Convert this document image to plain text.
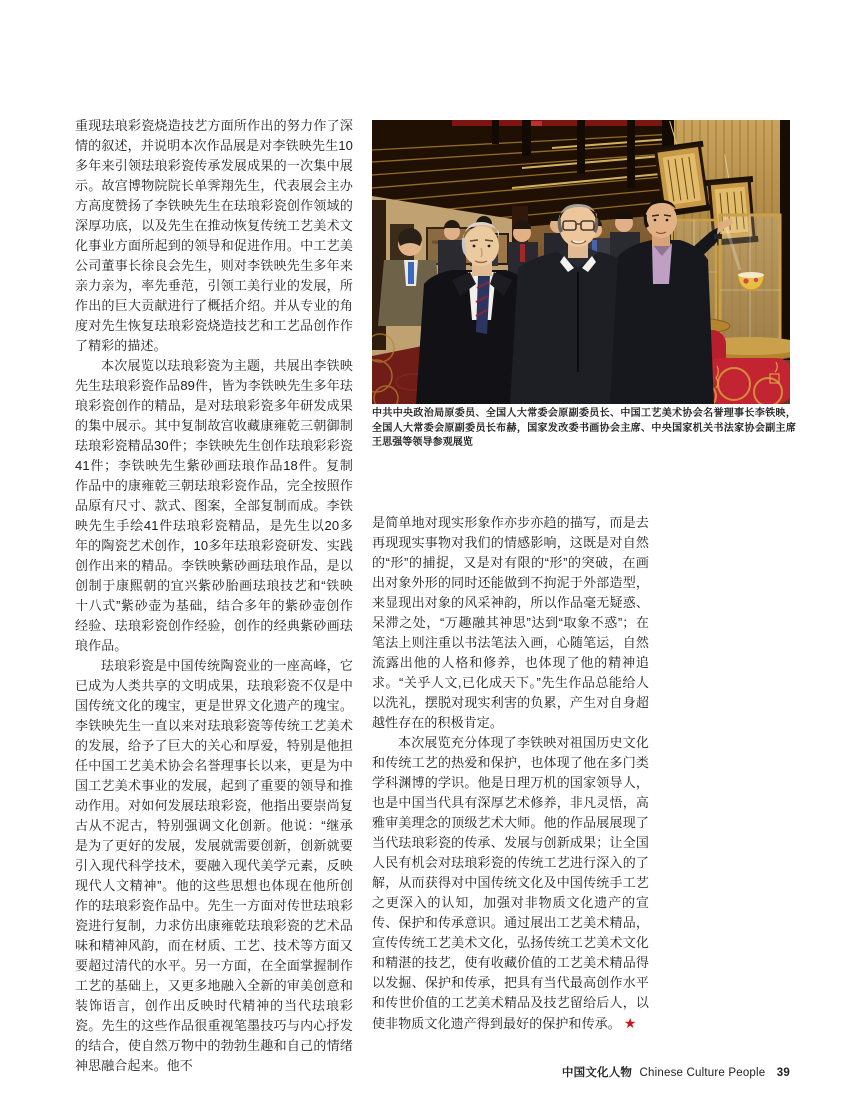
重现珐琅彩瓷烧造技艺方面所作出的努力作了深情的叙述，并说明本次作品展是对李铁映先生10多年来引领珐琅彩瓷传承发展成果的一次集中展示。故宫博物院院长单霁翔先生，代表展会主办方高度赞扬了李铁映先生在珐琅彩瓷创作领域的深厚功底，以及先生在推动恢复传统工艺美术文化事业方面所起到的领导和促进作用。中工艺美公司董事长徐良会先生，则对李铁映先生多年来亲力亲为，率先垂范，引领工美行业的发展，所作出的巨大贡献进行了概括介绍。并从专业的角度对先生恢复珐琅彩瓷烧造技艺和工艺品创作作了精彩的描述。

本次展览以珐琅彩瓷为主题，共展出李铁映先生珐琅彩瓷作品89件，皆为李铁映先生多年珐琅彩瓷创作的精品，是对珐琅彩瓷多年研发成果的集中展示。其中复制故宫收藏康雍乾三朝御制珐琅彩瓷精品30件；李铁映先生创作珐琅彩彩瓷41件；李铁映先生紫砂画珐琅作品18件。复制作品中的康雍乾三朝珐琅彩瓷作品，完全按照作品原有尺寸、款式、图案，全部复制而成。李铁映先生手绘41件珐琅彩瓷精品，是先生以20多年的陶瓷艺术创作，10多年珐琅彩瓷研发、实践创作出来的精品。李铁映紫砂画珐琅作品，是以创制于康熙朝的宜兴紫砂胎画珐琅技艺和“铁映十八式”紫砂壶为基础，结合多年的紫砂壶创作经验、珐琅彩瓷创作经验，创作的经典紫砂画珐琅作品。

珐琅彩瓷是中国传统陶瓷业的一座高峰，它已成为人类共享的文明成果，珐琅彩瓷不仅是中国传统文化的瑰宝，更是世界文化遗产的瑰宝。李铁映先生一直以来对珐琅彩瓷等传统工艺美术的发展，给予了巨大的关心和厚爱，特别是他担任中国工艺美术协会名誉理事长以来，更是为中国工艺美术事业的发展，起到了重要的领导和推动作用。对如何发展珐琅彩瓷，他指出要崇尚复古从不泥古，特别强调文化创新。他说：“继承是为了更好的发展，发展就需要创新，创新就要引入现代科学技术，要融入现代美学元素，反映现代人文精神”。他的这些思想也体现在他所创作的珐琅彩瓷作品中。先生一方面对传世珐琅彩瓷进行复制，力求仿出康雍乾珐琅彩瓷的艺术品味和精神风韵，而在材质、工艺、技术等方面又要超过清代的水平。另一方面，在全面掌握制作工艺的基础上，又更多地融入全新的审美创意和装饰语言，创作出反映时代精神的当代珐琅彩瓷。先生的这些作品很重视笔墨技巧与内心抒发的结合，使自然万物中的勃勃生趣和自己的情绪神思融合起来。他不

中共中央政治局原委员、全国人大常委会原副委员长、中国工艺美术协会名誉理事长李铁映，全国人大常委会原副委员长布赫，国家发改委书画协会主席、中央国家机关书法家协会副主席王思强等领导参观展览

是简单地对现实形象作亦步亦趋的描写，而是去再现现实事物对我们的情感影响，这既是对自然的“形”的捕捉，又是对有限的“形”的突破，在画出对象外形的同时还能做到不拘泥于外部造型，来显现出对象的风采神韵，所以作品毫无疑惑、呆滞之处，“万趣融其神思”达到“取象不惑”；在笔法上则注重以书法笔法入画，心随笔运，自然流露出他的人格和修养，也体现了他的精神追求。“关乎人文,已化成天下。”先生作品总能给人以洗礼，摆脱对现实利害的负累，产生对自身超越性存在的积极肯定。

本次展览充分体现了李铁映对祖国历史文化和传统工艺的热爱和保护，也体现了他在多门类学科渊博的学识。他是日理万机的国家领导人，也是中国当代具有深厚艺术修养，非凡灵悟，高雅审美理念的顶级艺术大师。他的作品展展现了当代珐琅彩瓷的传承、发展与创新成果；让全国人民有机会对珐琅彩瓷的传统工艺进行深入的了解，从而获得对中国传统文化及中国传统手工艺之更深入的认知，加强对非物质文化遗产的宣传、保护和传承意识。通过展出工艺美术精品，宣传传统工艺美术文化，弘扬传统工艺美术文化和精湛的技艺，使有收藏价值的工艺美术精品得以发掘、保护和传承，把具有当代最高创作水平和传世价值的工艺美术精品及技艺留给后人，以使非物质文化遗产得到最好的保护和传承。 ★

中国文化人物 Chinese Culture People 39
